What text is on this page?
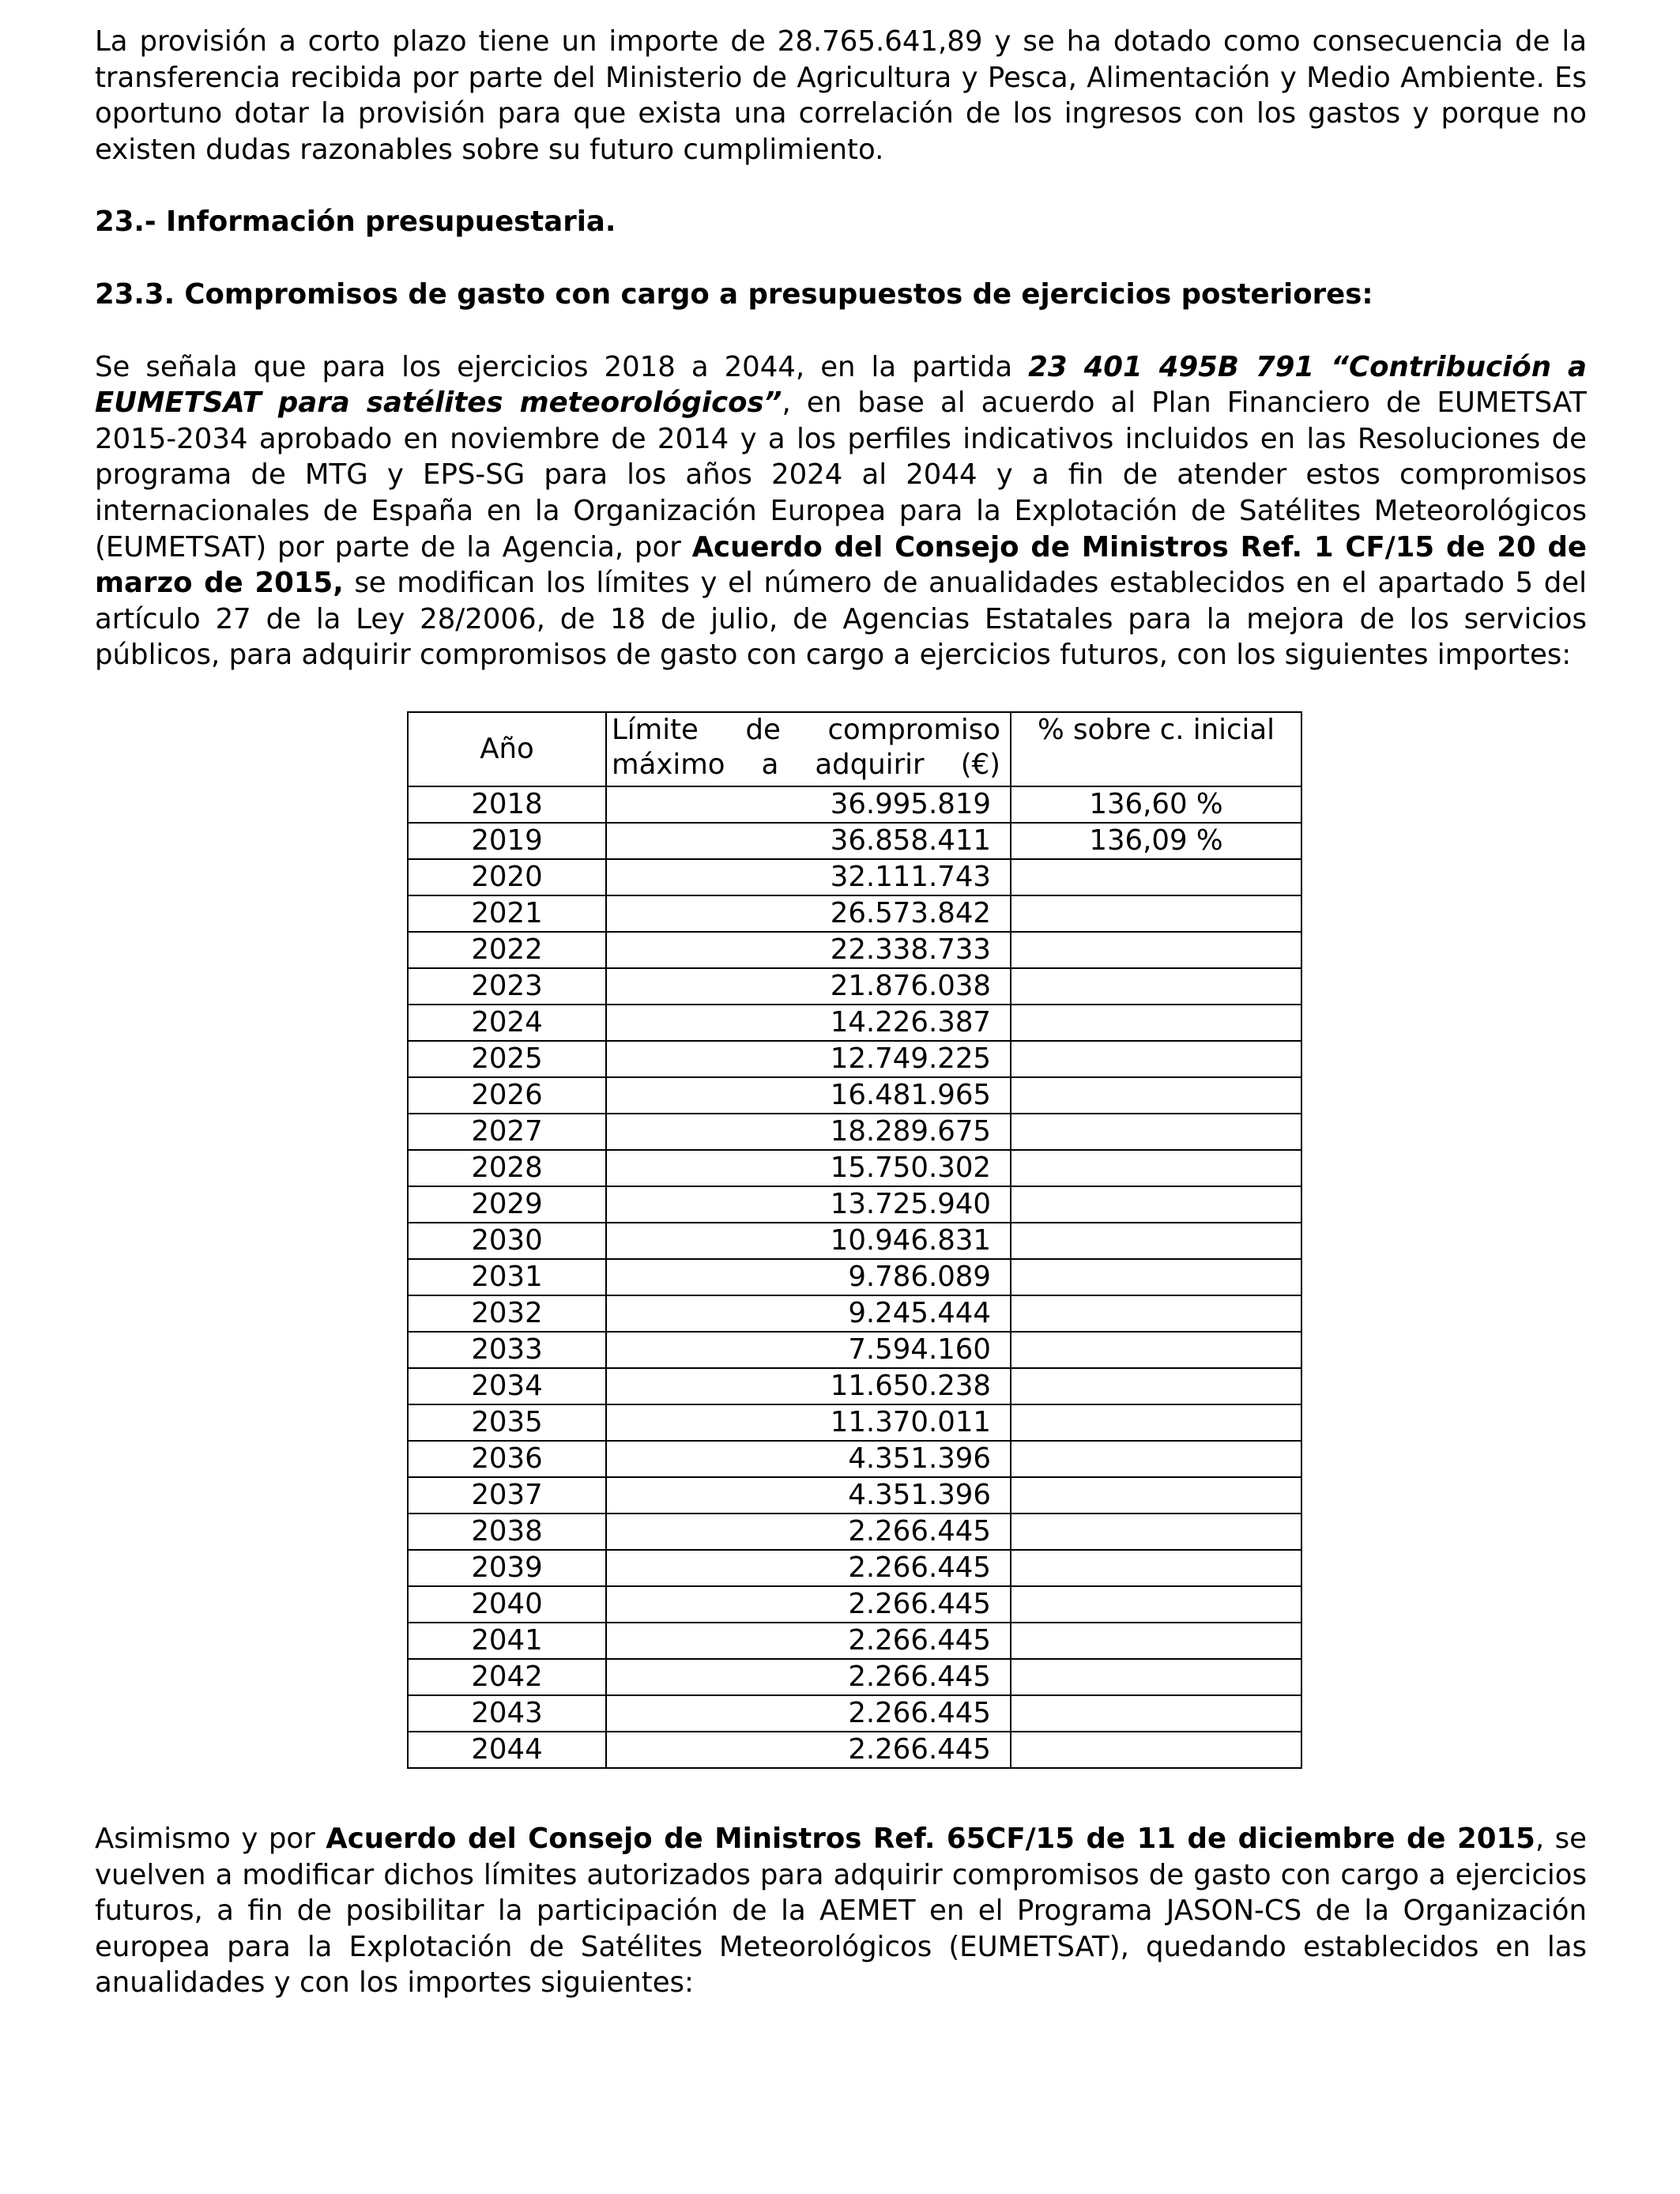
La provisión a corto plazo tiene un importe de 28.765.641,89 y se ha dotado como consecuencia de la transferencia recibida por parte del Ministerio de Agricultura y Pesca, Alimentación y Medio Ambiente. Es oportuno dotar la provisión para que exista una correlación de los ingresos con los gastos y porque no existen dudas razonables sobre su futuro cumplimiento.

23.- Información presupuestaria.
23.3. Compromisos de gasto con cargo a presupuestos de ejercicios posteriores:

Se señala que para los ejercicios 2018 a 2044, en la partida 23 401 495B 791 “Contribución a EUMETSAT para satélites meteorológicos”, en base al acuerdo al Plan Financiero de EUMETSAT 2015-2034 aprobado en noviembre de 2014 y a los perfiles indicativos incluidos en las Resoluciones de programa de MTG y EPS-SG para los años 2024 al 2044 y a fin de atender estos compromisos internacionales de España en la Organización Europea para la Explotación de Satélites Meteorológicos (EUMETSAT) por parte de la Agencia, por Acuerdo del Consejo de Ministros Ref. 1 CF/15 de 20 de marzo de 2015, se modifican los límites y el número de anualidades establecidos en el apartado 5 del artículo 27 de la Ley 28/2006, de 18 de julio, de Agencias Estatales para la mejora de los servicios públicos, para adquirir compromisos de gasto con cargo a ejercicios futuros, con los siguientes importes:

Año	Límite de compromiso máximo a adquirir (€)	% sobre c. inicial
2018	36.995.819	136,60 %
2019	36.858.411	136,09 %
2020	32.111.743	
2021	26.573.842	
2022	22.338.733	
2023	21.876.038	
2024	14.226.387	
2025	12.749.225	
2026	16.481.965	
2027	18.289.675	
2028	15.750.302	
2029	13.725.940	
2030	10.946.831	
2031	9.786.089	
2032	9.245.444	
2033	7.594.160	
2034	11.650.238	
2035	11.370.011	
2036	4.351.396	
2037	4.351.396	
2038	2.266.445	
2039	2.266.445	
2040	2.266.445	
2041	2.266.445	
2042	2.266.445	
2043	2.266.445	
2044	2.266.445	

Asimismo y por Acuerdo del Consejo de Ministros Ref. 65CF/15 de 11 de diciembre de 2015, se vuelven a modificar dichos límites autorizados para adquirir compromisos de gasto con cargo a ejercicios futuros, a fin de posibilitar la participación de la AEMET en el Programa JASON-CS de la Organización europea para la Explotación de Satélites Meteorológicos (EUMETSAT), quedando establecidos en las anualidades y con los importes siguientes:
